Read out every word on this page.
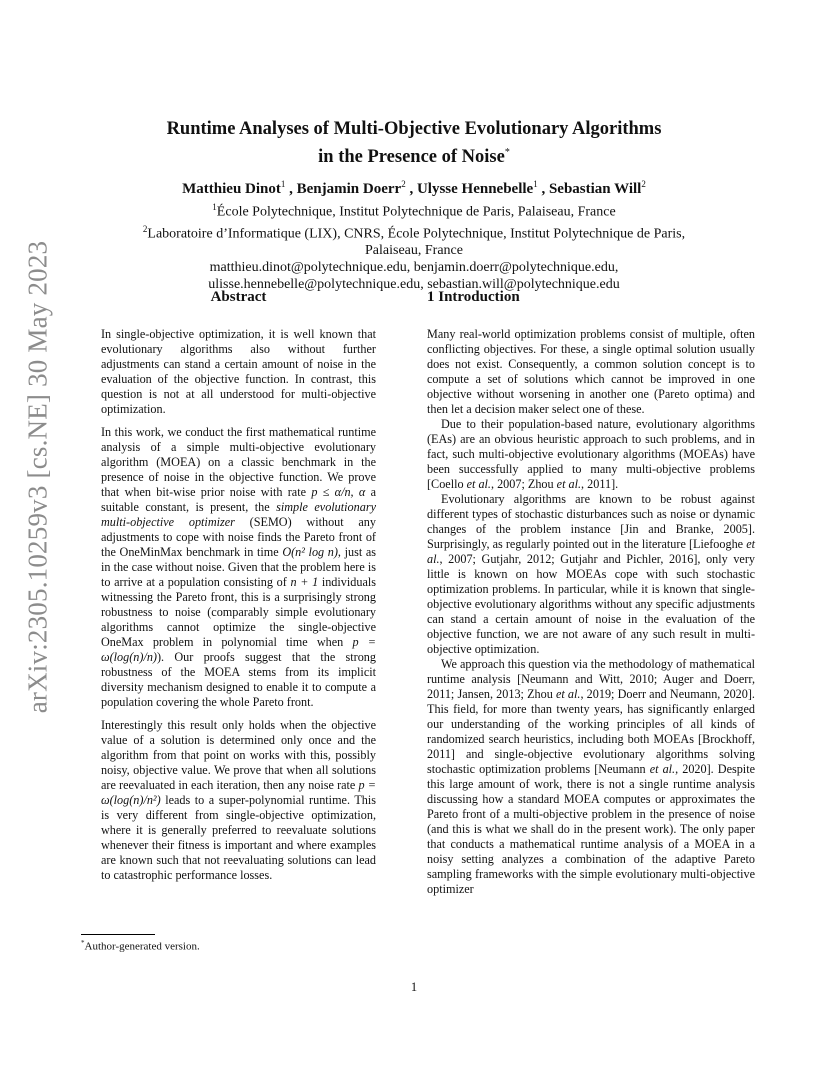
arXiv:2305.10259v3 [cs.NE] 30 May 2023
Runtime Analyses of Multi-Objective Evolutionary Algorithms
in the Presence of Noise*
Matthieu Dinot$^1$ , Benjamin Doerr$^2$ , Ulysse Hennebelle$^1$ , Sebastian Will$^2$
$^1$École Polytechnique, Institut Polytechnique de Paris, Palaiseau, France
$^2$Laboratoire d’Informatique (LIX), CNRS, École Polytechnique, Institut Polytechnique de Paris,
Palaiseau, France
matthieu.dinot@polytechnique.edu, benjamin.doerr@polytechnique.edu,
ulisse.hennebelle@polytechnique.edu, sebastian.will@polytechnique.edu
Abstract

In single-objective optimization, it is well known that evolutionary algorithms also without further adjustments can stand a certain amount of noise in the evaluation of the objective function. In contrast, this question is not at all understood for multi-objective optimization.

In this work, we conduct the first mathematical runtime analysis of a simple multi-objective evolutionary algorithm (MOEA) on a classic benchmark in the presence of noise in the objective function. We prove that when bit-wise prior noise with rate p ≤ α/n, α a suitable constant, is present, the simple evolutionary multi-objective optimizer (SEMO) without any adjustments to cope with noise finds the Pareto front of the OneMinMax benchmark in time O(n² log n), just as in the case without noise. Given that the problem here is to arrive at a population consisting of n + 1 individuals witnessing the Pareto front, this is a surprisingly strong robustness to noise (comparably simple evolutionary algorithms cannot optimize the single-objective OneMax problem in polynomial time when p = ω(log(n)/n)). Our proofs suggest that the strong robustness of the MOEA stems from its implicit diversity mechanism designed to enable it to compute a population covering the whole Pareto front.

Interestingly this result only holds when the objective value of a solution is determined only once and the algorithm from that point on works with this, possibly noisy, objective value. We prove that when all solutions are reevaluated in each iteration, then any noise rate p = ω(log(n)/n²) leads to a super-polynomial runtime. This is very different from single-objective optimization, where it is generally preferred to reevaluate solutions whenever their fitness is important and where examples are known such that not reevaluating solutions can lead to catastrophic performance losses.

1 Introduction

Many real-world optimization problems consist of multiple, often conflicting objectives. For these, a single optimal solution usually does not exist. Consequently, a common solution concept is to compute a set of solutions which cannot be improved in one objective without worsening in another one (Pareto optima) and then let a decision maker select one of these.

Due to their population-based nature, evolutionary algorithms (EAs) are an obvious heuristic approach to such problems, and in fact, such multi-objective evolutionary algorithms (MOEAs) have been successfully applied to many multi-objective problems [Coello et al., 2007; Zhou et al., 2011].

Evolutionary algorithms are known to be robust against different types of stochastic disturbances such as noise or dynamic changes of the problem instance [Jin and Branke, 2005]. Surprisingly, as regularly pointed out in the literature [Liefooghe et al., 2007; Gutjahr, 2012; Gutjahr and Pichler, 2016], only very little is known on how MOEAs cope with such stochastic optimization problems. In particular, while it is known that single-objective evolutionary algorithms without any specific adjustments can stand a certain amount of noise in the evaluation of the objective function, we are not aware of any such result in multi-objective optimization.

We approach this question via the methodology of mathematical runtime analysis [Neumann and Witt, 2010; Auger and Doerr, 2011; Jansen, 2013; Zhou et al., 2019; Doerr and Neumann, 2020]. This field, for more than twenty years, has significantly enlarged our understanding of the working principles of all kinds of randomized search heuristics, including both MOEAs [Brockhoff, 2011] and single-objective evolutionary algorithms solving stochastic optimization problems [Neumann et al., 2020]. Despite this large amount of work, there is not a single runtime analysis discussing how a standard MOEA computes or approximates the Pareto front of a multi-objective problem in the presence of noise (and this is what we shall do in the present work). The only paper that conducts a mathematical runtime analysis of a MOEA in a noisy setting analyzes a combination of the adaptive Pareto sampling frameworks with the simple evolutionary multi-objective optimizer

*Author-generated version.
1
